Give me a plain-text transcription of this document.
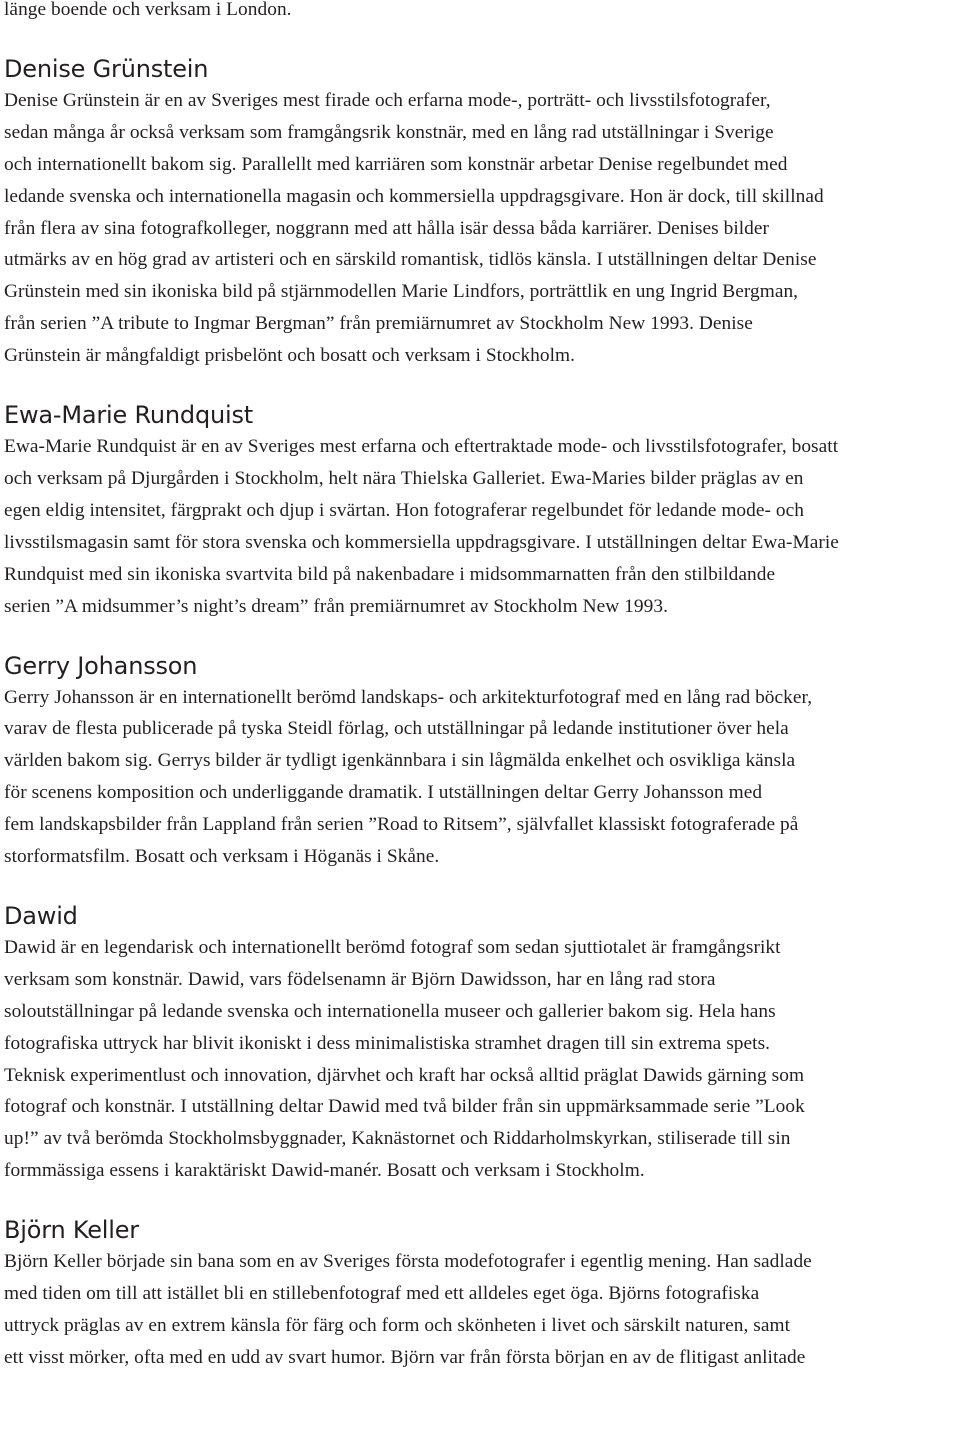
länge boende och verksam i London.

Denise Grünstein

Denise Grünstein är en av Sveriges mest firade och erfarna mode-, porträtt- och livsstilsfotografer,
sedan många år också verksam som framgångsrik konstnär, med en lång rad utställningar i Sverige
och internationellt bakom sig. Parallellt med karriären som konstnär arbetar Denise regelbundet med
ledande svenska och internationella magasin och kommersiella uppdragsgivare. Hon är dock, till skillnad
från flera av sina fotografkolleger, noggrann med att hålla isär dessa båda karriärer. Denises bilder
utmärks av en hög grad av artisteri och en särskild romantisk, tidlös känsla. I utställningen deltar Denise
Grünstein med sin ikoniska bild på stjärnmodellen Marie Lindfors, porträttlik en ung Ingrid Bergman,
från serien ”A tribute to Ingmar Bergman” från premiärnumret av Stockholm New 1993. Denise
Grünstein är mångfaldigt prisbelönt och bosatt och verksam i Stockholm.

Ewa-Marie Rundquist

Ewa-Marie Rundquist är en av Sveriges mest erfarna och eftertraktade mode- och livsstilsfotografer, bosatt
och verksam på Djurgården i Stockholm, helt nära Thielska Galleriet. Ewa-Maries bilder präglas av en
egen eldig intensitet, färgprakt och djup i svärtan. Hon fotograferar regelbundet för ledande mode- och
livsstilsmagasin samt för stora svenska och kommersiella uppdragsgivare. I utställningen deltar Ewa-Marie
Rundquist med sin ikoniska svartvita bild på nakenbadare i midsommarnatten från den stilbildande
serien ”A midsummer’s night’s dream” från premiärnumret av Stockholm New 1993.

Gerry Johansson

Gerry Johansson är en internationellt berömd landskaps- och arkitekturfotograf med en lång rad böcker,
varav de flesta publicerade på tyska Steidl förlag, och utställningar på ledande institutioner över hela
världen bakom sig. Gerrys bilder är tydligt igenkännbara i sin lågmälda enkelhet och osvikliga känsla
för scenens komposition och underliggande dramatik. I utställningen deltar Gerry Johansson med
fem landskapsbilder från Lappland från serien ”Road to Ritsem”, självfallet klassiskt fotograferade på
storformatsfilm. Bosatt och verksam i Höganäs i Skåne.

Dawid

Dawid är en legendarisk och internationellt berömd fotograf som sedan sjuttiotalet är framgångsrikt
verksam som konstnär. Dawid, vars födelsenamn är Björn Dawidsson, har en lång rad stora
soloutställningar på ledande svenska och internationella museer och gallerier bakom sig. Hela hans
fotografiska uttryck har blivit ikoniskt i dess minimalistiska stramhet dragen till sin extrema spets.
Teknisk experimentlust och innovation, djärvhet och kraft har också alltid präglat Dawids gärning som
fotograf och konstnär. I utställning deltar Dawid med två bilder från sin uppmärksammade serie ”Look
up!” av två berömda Stockholmsbyggnader, Kaknästornet och Riddarholmskyrkan, stiliserade till sin
formmässiga essens i karaktäriskt Dawid-manér. Bosatt och verksam i Stockholm.

Björn Keller

Björn Keller började sin bana som en av Sveriges första modefotografer i egentlig mening. Han sadlade
med tiden om till att istället bli en stillebenfotograf med ett alldeles eget öga. Björns fotografiska
uttryck präglas av en extrem känsla för färg och form och skönheten i livet och särskilt naturen, samt
ett visst mörker, ofta med en udd av svart humor. Björn var från första början en av de flitigast anlitade
